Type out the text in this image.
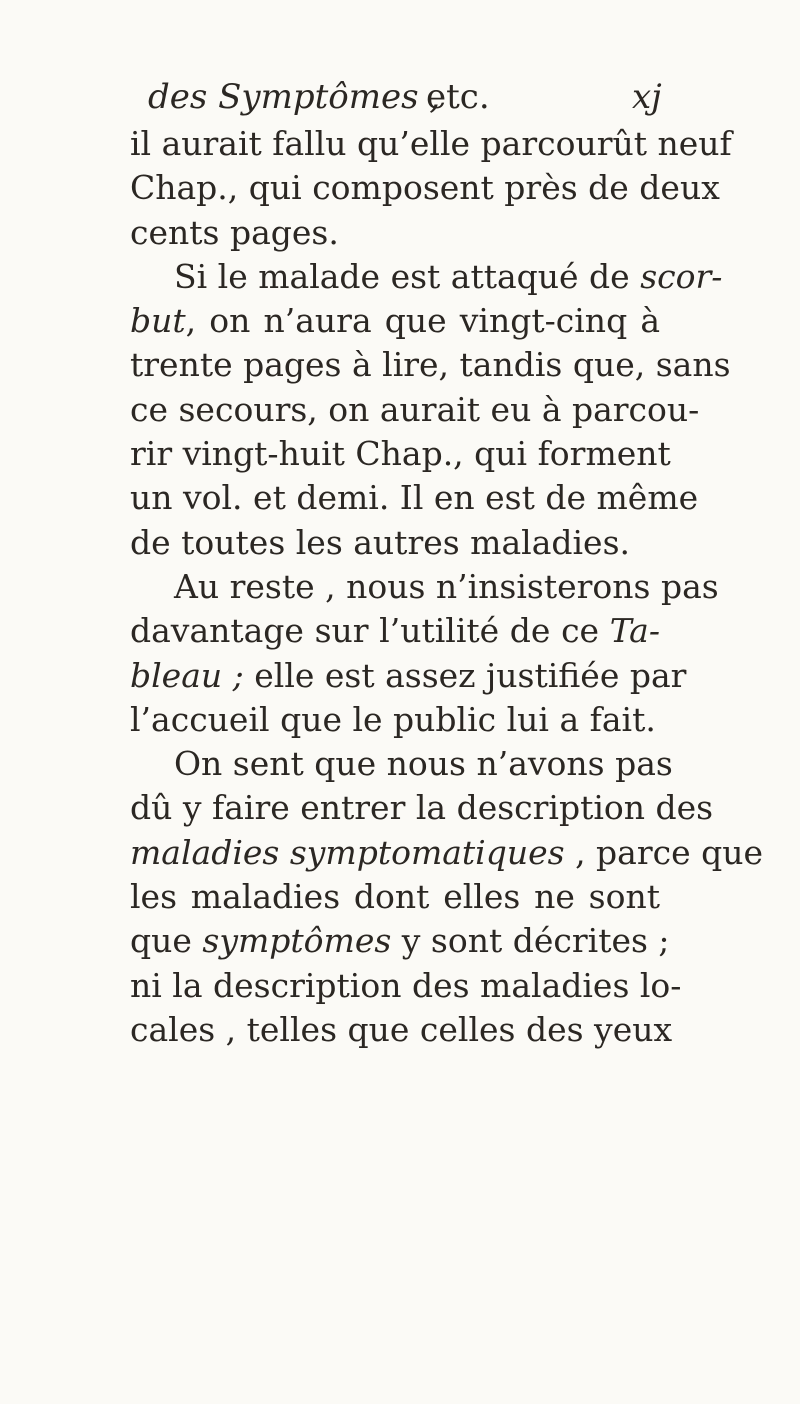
des Symptômes ,
etc.	xj
il aurait fallu qu’elle parcourût neuf
Chap., qui composent près de deux
cents pages.
Si le malade est attaqué de scor-
but, on n’aura que vingt-cinq à
trente pages à lire, tandis que, sans
ce secours, on aurait eu à parcou-
rir vingt-huit Chap., qui forment
un vol. et demi. Il en est de même
de toutes les autres maladies.
Au reste , nous n’insisterons pas
davantage sur l’utilité de ce Ta-
bleau ; elle est assez justifiée par
l’accueil que le public lui a fait.
On sent que nous n’avons pas
dû y faire entrer la description des
maladies symptomatiques , parce que
les maladies dont elles ne sont
que symptômes y sont décrites ;
ni la description des maladies lo-
cales , telles que celles des yeux
